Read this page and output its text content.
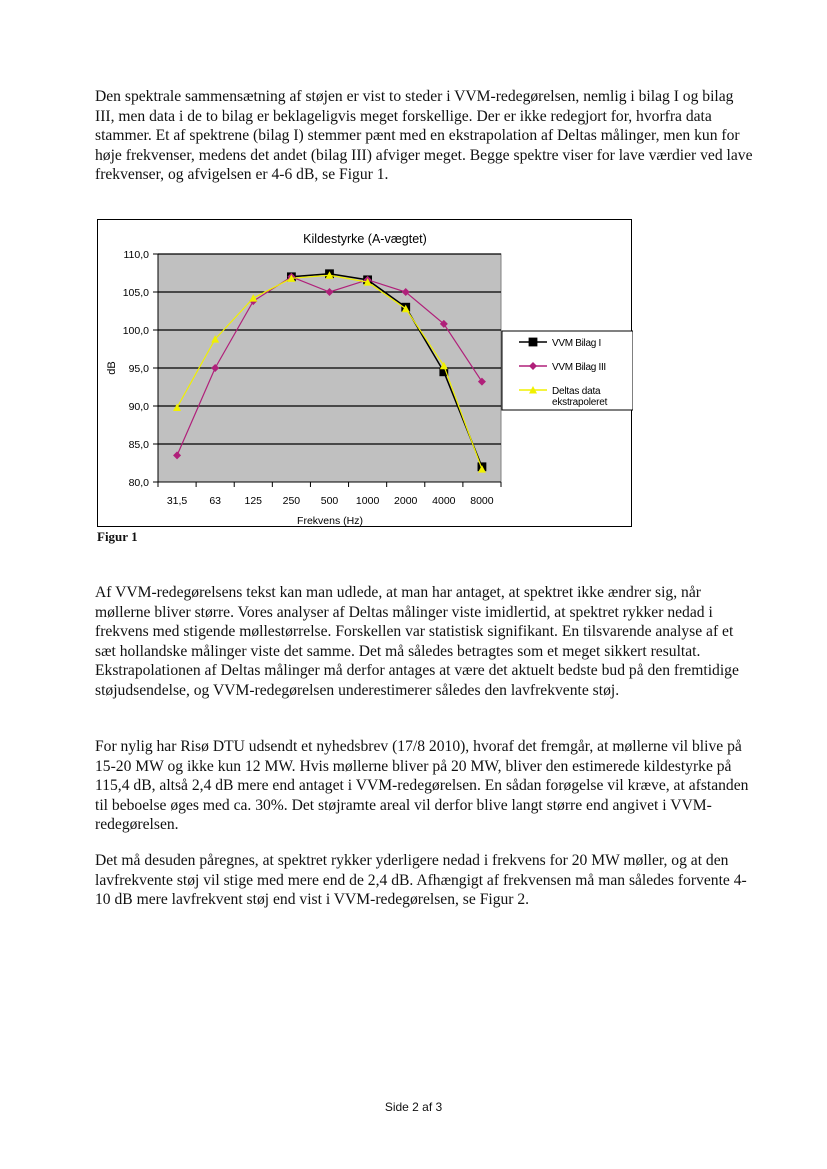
Den spektrale sammensætning af støjen er vist to steder i VVM-redegørelsen, nemlig i bilag I og bilag III, men data i de to bilag er beklageligvis meget forskellige. Der er ikke redegjort for, hvorfra data stammer. Et af spektrene (bilag I) stemmer pænt med en ekstrapolation af Deltas målinger, men kun for høje frekvenser, medens det andet (bilag III) afviger meget. Begge spektre viser for lave værdier ved lave frekvenser, og afvigelsen er 4-6 dB, se Figur 1.

110,0
105,0
100,0
95,0
90,0
85,0
80,0
31,5 63 125 250 500 1000 2000 4000 8000
Kildestyrke (A-vægtet)
Frekvens (Hz)
dB
VVM Bilag I
VVM Bilag III
Deltas data
ekstrapoleret
Figur 1

Af VVM-redegørelsens tekst kan man udlede, at man har antaget, at spektret ikke ændrer sig, når møllerne bliver større. Vores analyser af Deltas målinger viste imidlertid, at spektret rykker nedad i frekvens med stigende møllestørrelse. Forskellen var statistisk signifikant. En tilsvarende analyse af et sæt hollandske målinger viste det samme. Det må således betragtes som et meget sikkert resultat. Ekstrapolationen af Deltas målinger må derfor antages at være det aktuelt bedste bud på den fremtidige støjudsendelse, og VVM-redegørelsen underestimerer således den lavfrekvente støj.

For nylig har Risø DTU udsendt et nyhedsbrev (17/8 2010), hvoraf det fremgår, at møllerne vil blive på 15-20 MW og ikke kun 12 MW. Hvis møllerne bliver på 20 MW, bliver den estimerede kildestyrke på 115,4 dB, altså 2,4 dB mere end antaget i VVM-redegørelsen. En sådan forøgelse vil kræve, at afstanden til beboelse øges med ca. 30%. Det støjramte areal vil derfor blive langt større end angivet i VVM-redegørelsen.

Det må desuden påregnes, at spektret rykker yderligere nedad i frekvens for 20 MW møller, og at den lavfrekvente støj vil stige med mere end de 2,4 dB. Afhængigt af frekvensen må man således forvente 4-10 dB mere lavfrekvent støj end vist i VVM-redegørelsen, se Figur 2.

Side 2 af 3
